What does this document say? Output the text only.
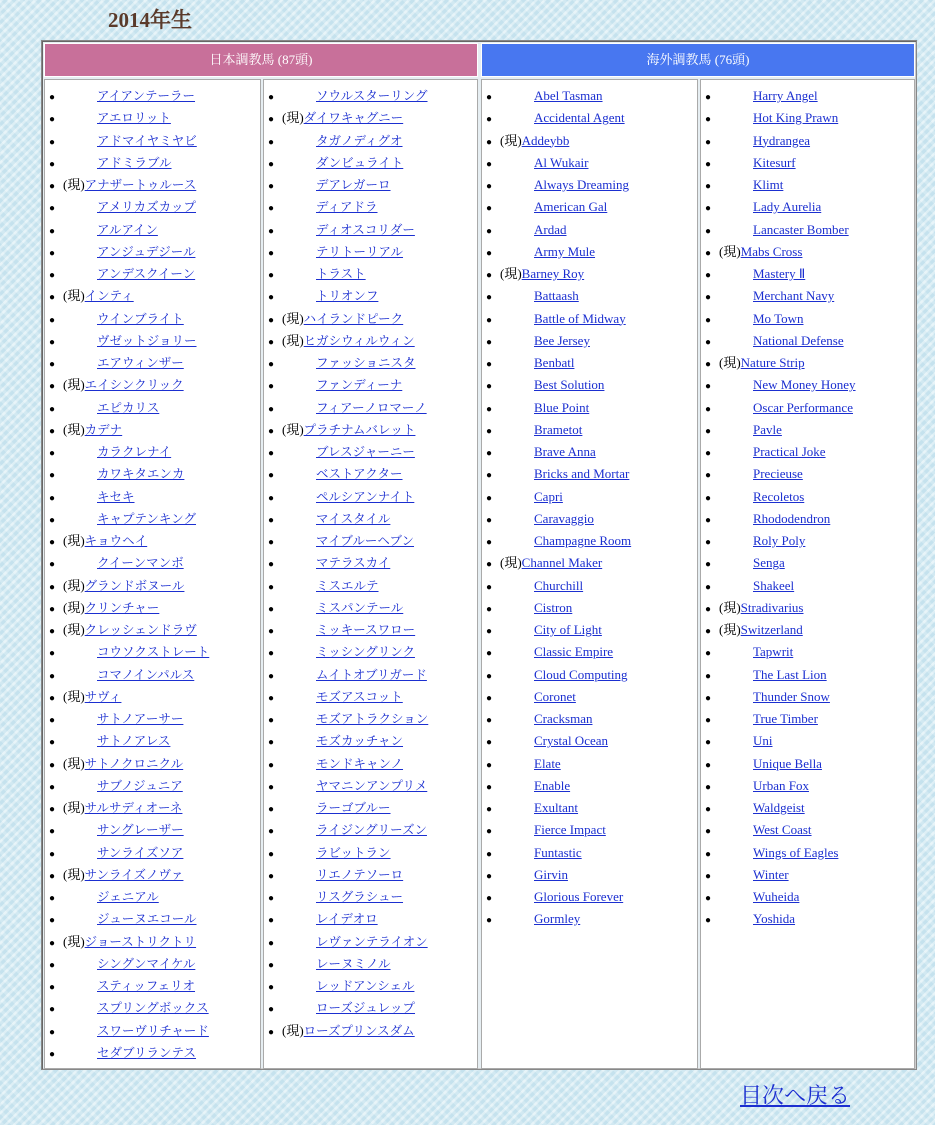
2014年生
日本調教馬 (87頭)	海外調教馬 (76頭)
●	アイアンテーラー
●	アエロリット
●	アドマイヤミヤビ
●	アドミラブル
● (現)アナザートゥルース
●	アメリカズカップ
●	アルアイン
●	アンジュデジール
●	アンデスクイーン
● (現)インティ
●	ウインブライト
●	ヴゼットジョリー
●	エアウィンザー
● (現)エイシンクリック
●	エピカリス
● (現)カデナ
●	カラクレナイ
●	カワキタエンカ
●	キセキ
●	キャプテンキング
● (現)キョウヘイ
●	クイーンマンボ
● (現)グランドボヌール
● (現)クリンチャー
● (現)クレッシェンドラヴ
●	コウソクストレート
●	コマノインパルス
● (現)サヴィ
●	サトノアーサー
●	サトノアレス
● (現)サトノクロニクル
●	サブノジュニア
● (現)サルサディオーネ
●	サングレーザー
●	サンライズソア
● (現)サンライズノヴァ
●	ジェニアル
●	ジューヌエコール
● (現)ジョーストリクトリ
●	シングンマイケル
●	スティッフェリオ
●	スプリングボックス
●	スワーヴリチャード
●	セダブリランテス
●	ソウルスターリング
● (現)ダイワキャグニー
●	タガノディグオ
●	ダンビュライト
●	デアレガーロ
●	ディアドラ
●	ディオスコリダー
●	テリトーリアル
●	トラスト
●	トリオンフ
● (現)ハイランドピーク
● (現)ヒガシウィルウィン
●	ファッショニスタ
●	ファンディーナ
●	フィアーノロマーノ
● (現)プラチナムバレット
●	ブレスジャーニー
●	ベストアクター
●	ペルシアンナイト
●	マイスタイル
●	マイブルーヘブン
●	マテラスカイ
●	ミスエルテ
●	ミスパンテール
●	ミッキースワロー
●	ミッシングリンク
●	ムイトオブリガード
●	モズアスコット
●	モズアトラクション
●	モズカッチャン
●	モンドキャンノ
●	ヤマニンアンプリメ
●	ラーゴブルー
●	ライジングリーズン
●	ラビットラン
●	リエノテソーロ
●	リスグラシュー
●	レイデオロ
●	レヴァンテライオン
●	レーヌミノル
●	レッドアンシェル
●	ローズジュレップ
● (現)ローズプリンスダム
●	Abel Tasman
●	Accidental Agent
● (現)Addeybb
●	Al Wukair
●	Always Dreaming
●	American Gal
●	Ardad
●	Army Mule
● (現)Barney Roy
●	Battaash
●	Battle of Midway
●	Bee Jersey
●	Benbatl
●	Best Solution
●	Blue Point
●	Brametot
●	Brave Anna
●	Bricks and Mortar
●	Capri
●	Caravaggio
●	Champagne Room
● (現)Channel Maker
●	Churchill
●	Cistron
●	City of Light
●	Classic Empire
●	Cloud Computing
●	Coronet
●	Cracksman
●	Crystal Ocean
●	Elate
●	Enable
●	Exultant
●	Fierce Impact
●	Funtastic
●	Girvin
●	Glorious Forever
●	Gormley
●	Harry Angel
●	Hot King Prawn
●	Hydrangea
●	Kitesurf
●	Klimt
●	Lady Aurelia
●	Lancaster Bomber
● (現)Mabs Cross
●	Mastery Ⅱ
●	Merchant Navy
●	Mo Town
●	National Defense
● (現)Nature Strip
●	New Money Honey
●	Oscar Performance
●	Pavle
●	Practical Joke
●	Precieuse
●	Recoletos
●	Rhododendron
●	Roly Poly
●	Senga
●	Shakeel
● (現)Stradivarius
● (現)Switzerland
●	Tapwrit
●	The Last Lion
●	Thunder Snow
●	True Timber
●	Uni
●	Unique Bella
●	Urban Fox
●	Waldgeist
●	West Coast
●	Wings of Eagles
●	Winter
●	Wuheida
●	Yoshida
目次へ戻る
